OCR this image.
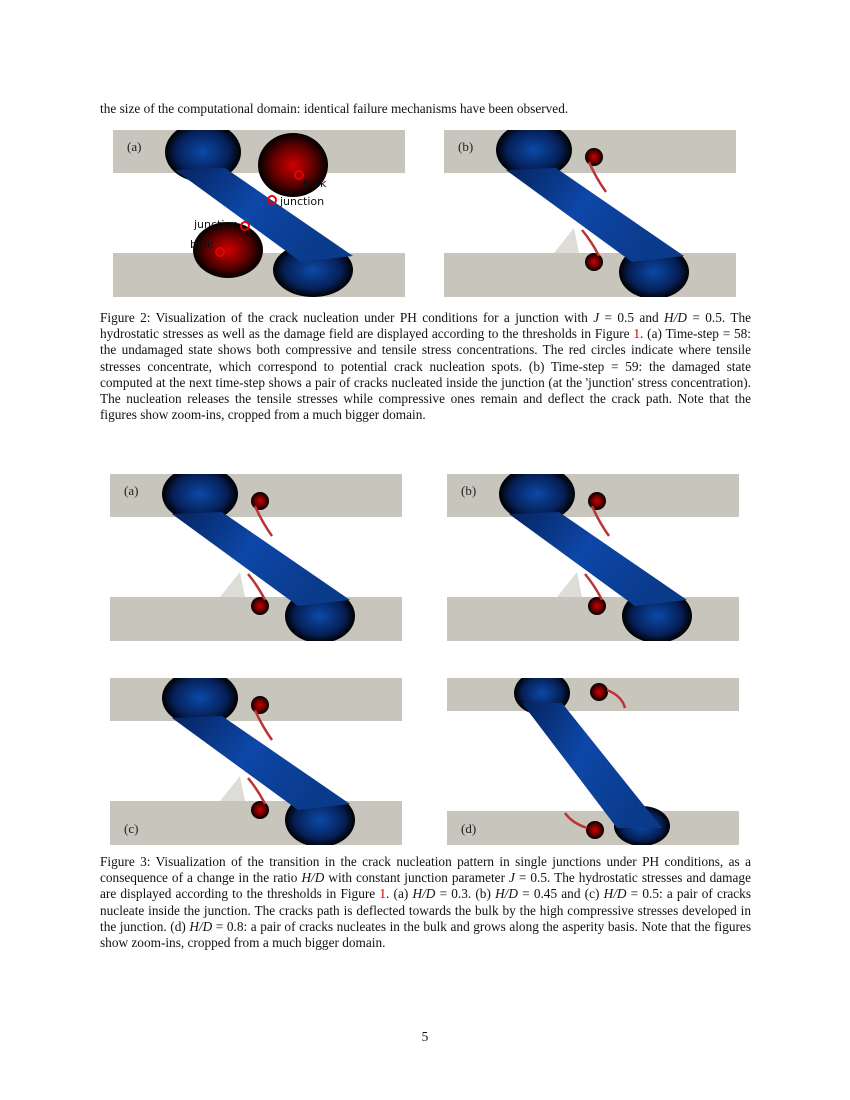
the size of the computational domain: identical failure mechanisms have been observed.
bulk
junction
junction
bulk
(a)	(b)
Figure 2: Visualization of the crack nucleation under PH conditions for a junction with J = 0.5 and H/D = 0.5. The hydrostatic stresses as well as the damage field are displayed according to the thresholds in Figure 1. (a) Time-step = 58: the undamaged state shows both compressive and tensile stress concentrations. The red circles indicate where tensile stresses concentrate, which correspond to potential crack nucleation spots. (b) Time-step = 59: the damaged state computed at the next time-step shows a pair of cracks nucleated inside the junction (at the 'junction' stress concentration). The nucleation releases the tensile stresses while compressive ones remain and deflect the crack path. Note that the figures show zoom-ins, cropped from a much bigger domain.
(a)	(b)
(c)	(d)
Figure 3: Visualization of the transition in the crack nucleation pattern in single junctions under PH conditions, as a consequence of a change in the ratio H/D with constant junction parameter J = 0.5. The hydrostatic stresses and damage are displayed according to the thresholds in Figure 1. (a) H/D = 0.3. (b) H/D = 0.45 and (c) H/D = 0.5: a pair of cracks nucleate inside the junction. The cracks path is deflected towards the bulk by the high compressive stresses developed in the junction. (d) H/D = 0.8: a pair of cracks nucleates in the bulk and grows along the asperity basis. Note that the figures show zoom-ins, cropped from a much bigger domain.
5
